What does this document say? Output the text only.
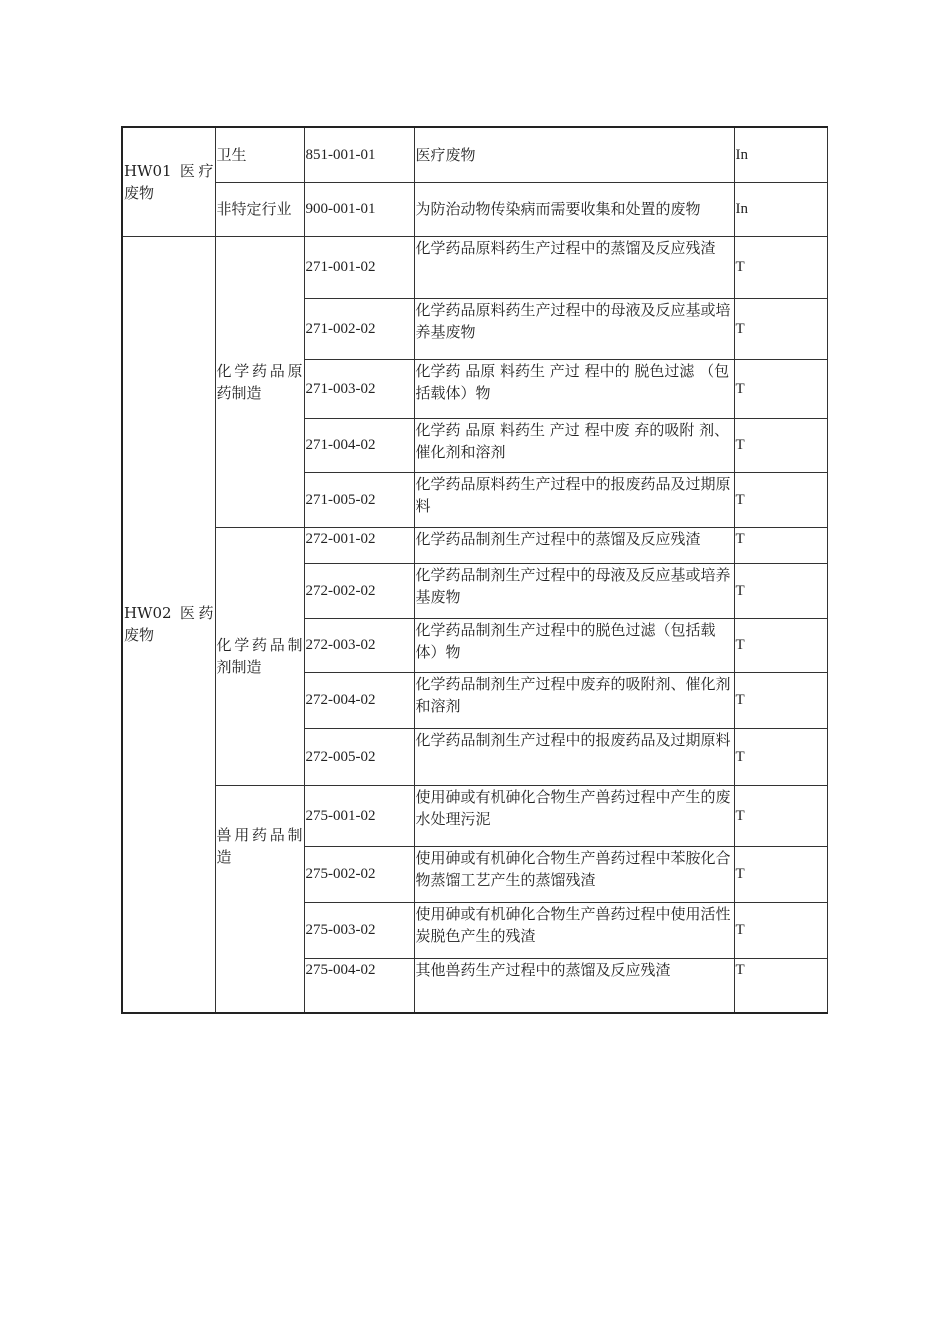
HW01 医疗废物	卫生	851-001-01	医疗废物	In
	非特定行业	900-001-01	为防治动物传染病而需要收集和处置的废物	In
HW02 医药废物	化学药品原药制造	271-001-02	化学药品原料药生产过程中的蒸馏及反应残渣	T
		271-002-02	化学药品原料药生产过程中的母液及反应基或培养基废物	T
		271-003-02	化学药 品原 料药生 产过 程中的 脱色过滤 （包括载体）物	T
		271-004-02	化学药 品原 料药生 产过 程中废 弃的吸附 剂、催化剂和溶剂	T
		271-005-02	化学药品原料药生产过程中的报废药品及过期原料	T
	化学药品制剂制造	272-001-02	化学药品制剂生产过程中的蒸馏及反应残渣	T
		272-002-02	化学药品制剂生产过程中的母液及反应基或培养基废物	T
		272-003-02	化学药品制剂生产过程中的脱色过滤（包括载体）物	T
		272-004-02	化学药品制剂生产过程中废弃的吸附剂、催化剂和溶剂	T
		272-005-02	化学药品制剂生产过程中的报废药品及过期原料	T
	兽用药品制造	275-001-02	使用砷或有机砷化合物生产兽药过程中产生的废水处理污泥	T
		275-002-02	使用砷或有机砷化合物生产兽药过程中苯胺化合物蒸馏工艺产生的蒸馏残渣	T
		275-003-02	使用砷或有机砷化合物生产兽药过程中使用活性炭脱色产生的残渣	T
		275-004-02	其他兽药生产过程中的蒸馏及反应残渣	T
